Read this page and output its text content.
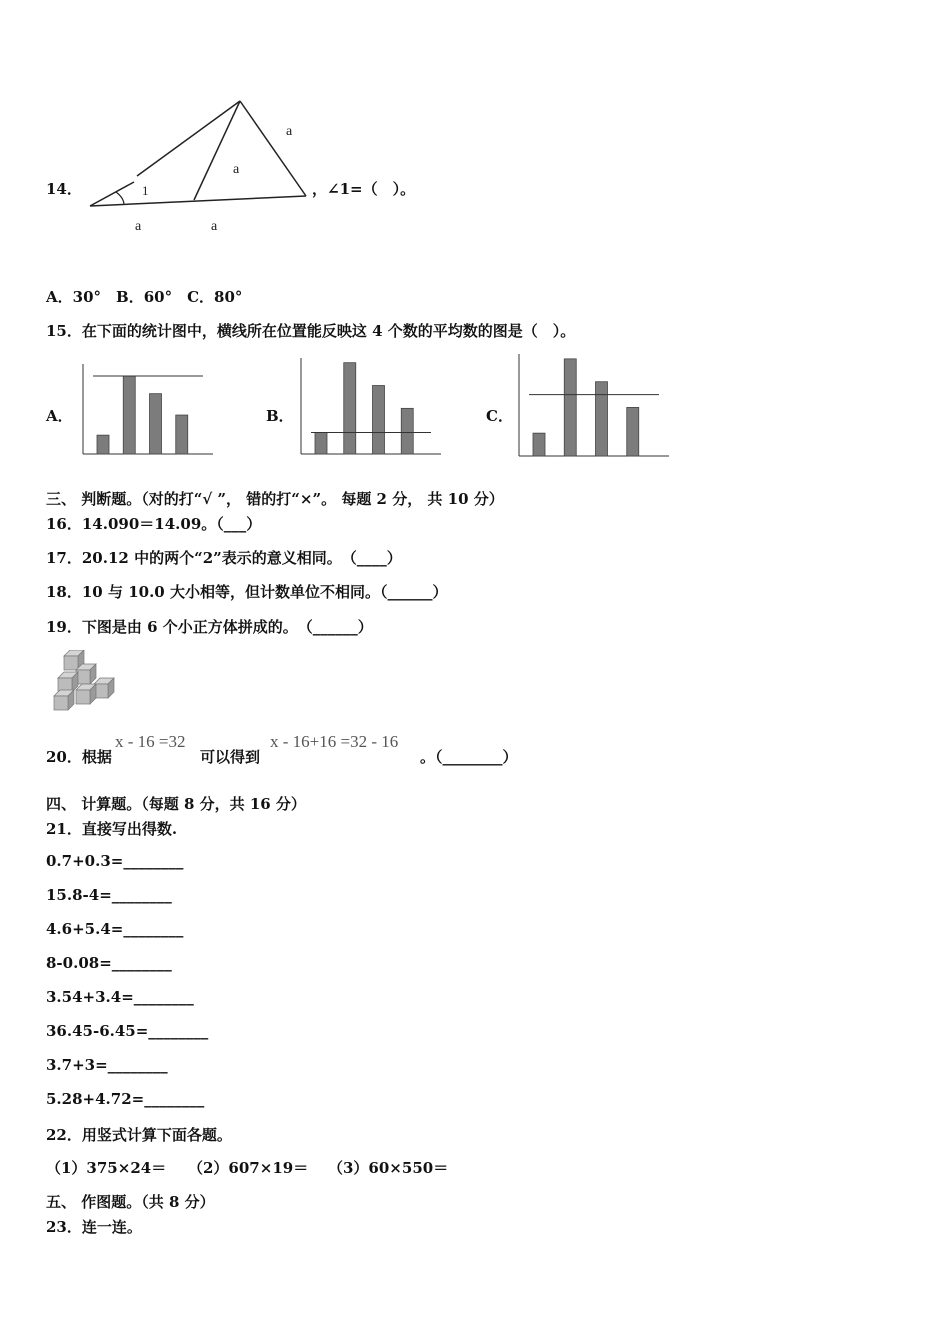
14．
a
a
a	a
1	，∠1=（　）。
A．30°　B．60°　C．80°
15．在下面的统计图中，横线所在位置能反映这 4 个数的平均数的图是（　）。
A．	B．	C．
三、 判断题。（对的打“√ ”， 错的打“×”。 每题 2 分， 共 10 分）
16．14.090＝14.09。（___）
17．20.12 中的两个“2”表示的意义相同。　（____）
18．10 与 10.0 大小相等，但计数单位不相同。（______）
19．下图是由 6 个小正方体拼成的。　（______）
20．根据
x - 16 =32
可以得到
x - 16+16 =32 - 16
。（________）
四、 计算题。（每题 8 分，共 16 分）
21．直接写出得数.
0.7+0.3=________
15.8-4=________
4.6+5.4=________
8-0.08=________
3.54+3.4=________
36.45-6.45=________
3.7+3=________
5.28+4.72=________
22．用竖式计算下面各题。
（1）375×24＝ （2）607×19＝ （3）60×550＝
五、 作图题。（共 8 分）
23．连一连。
